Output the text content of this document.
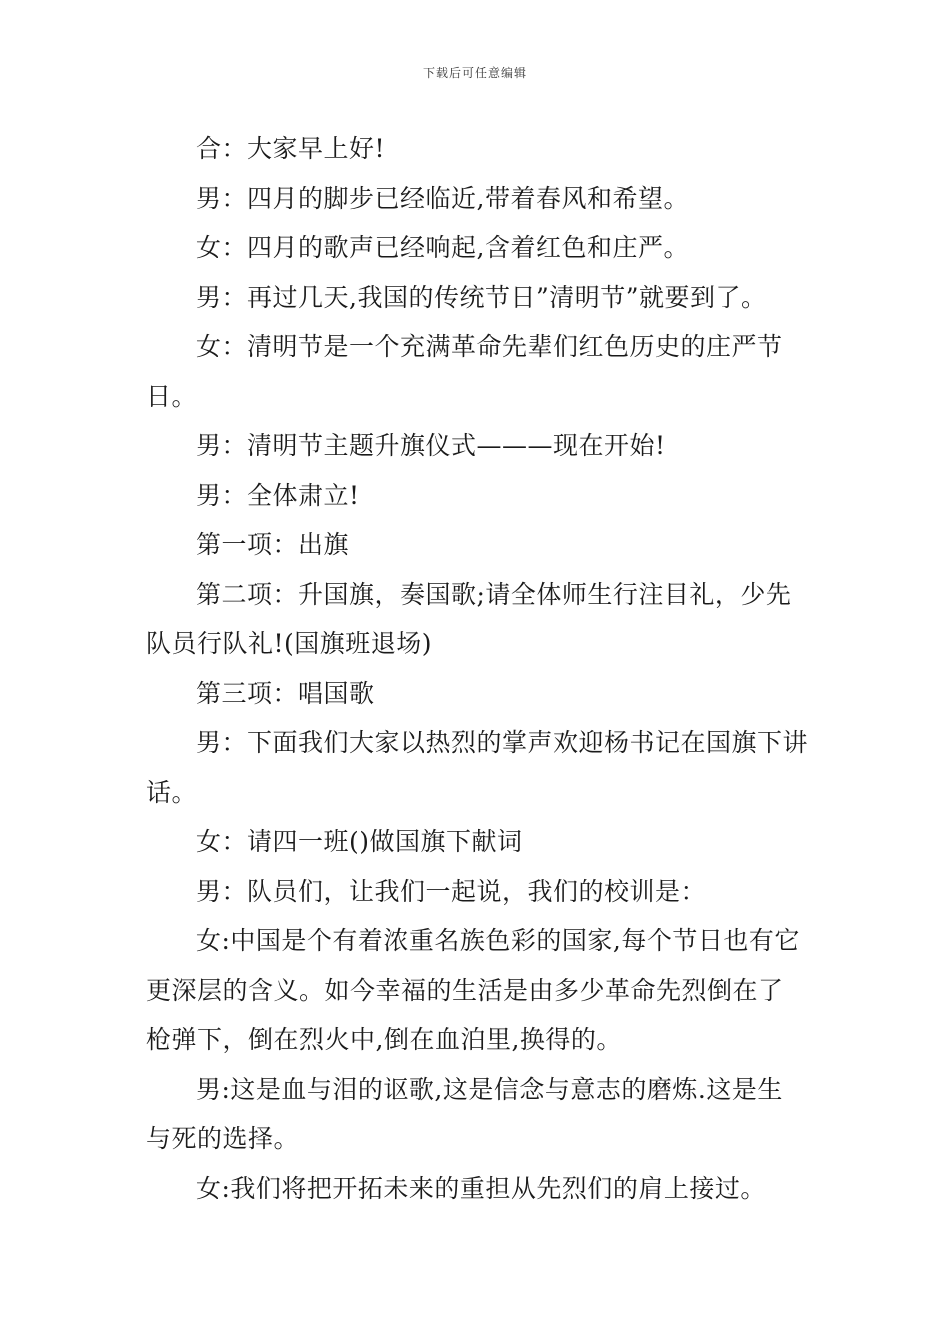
下载后可任意编辑

合：大家早上好!

男：四月的脚步已经临近,带着春风和希望。

女：四月的歌声已经响起,含着红色和庄严。

男：再过几天,我国的传统节日”清明节”就要到了。

女：清明节是一个充满革命先辈们红色历史的庄严节日。

男：清明节主题升旗仪式———现在开始!

男：全体肃立!

第一项：出旗

第二项：升国旗，奏国歌;请全体师生行注目礼，少先队员行队礼!(国旗班退场)

第三项：唱国歌

男：下面我们大家以热烈的掌声欢迎杨书记在国旗下讲话。

女：请四一班()做国旗下献词

男：队员们，让我们一起说，我们的校训是：

女:中国是个有着浓重名族色彩的国家,每个节日也有它更深层的含义。如今幸福的生活是由多少革命先烈倒在了枪弹下，倒在烈火中,倒在血泊里,换得的。

男:这是血与泪的讴歌,这是信念与意志的磨炼.这是生与死的选择。

女:我们将把开拓未来的重担从先烈们的肩上接过。
